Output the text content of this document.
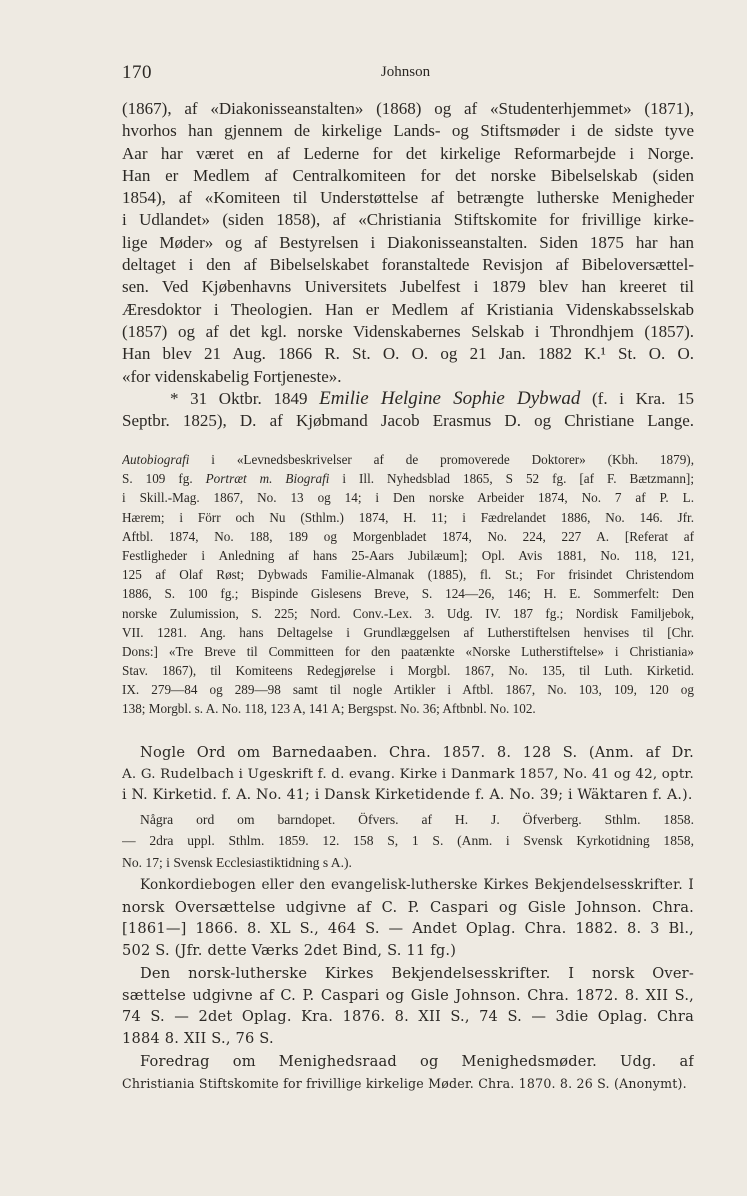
170	Johnson
(1867), af «Diakonisseanstalten» (1868) og af «Studenterhjemmet» (1871),
hvorhos han gjennem de kirkelige Lands- og Stiftsmøder i de sidste tyve
Aar har været en af Lederne for det kirkelige Reformarbejde i Norge.
Han er Medlem af Centralkomiteen for det norske Bibelselskab (siden
1854), af «Komiteen til Understøttelse af betrængte lutherske Menigheder
i Udlandet» (siden 1858), af «Christiania Stiftskomite for frivillige kirke-
lige Møder» og af Bestyrelsen i Diakonisseanstalten. Siden 1875 har han
deltaget i den af Bibelselskabet foranstaltede Revisjon af Bibeloversættel-
sen. Ved Kjøbenhavns Universitets Jubelfest i 1879 blev han kreeret til
Æresdoktor i Theologien. Han er Medlem af Kristiania Videnskabsselskab
(1857) og af det kgl. norske Videnskabernes Selskab i Throndhjem (1857).
Han blev 21 Aug. 1866 R. St. O. O. og 21 Jan. 1882 K.¹ St. O. O.
«for videnskabelig Fortjeneste».
* 31 Oktbr. 1849 Emilie Helgine Sophie Dybwad (f. i Kra. 15
Septbr. 1825), D. af Kjøbmand Jacob Erasmus D. og Christiane Lange.
Autobiografi i «Levnedsbeskrivelser af de promoverede Doktorer» (Kbh. 1879),
S. 109 fg. Portræt m. Biografi i Ill. Nyhedsblad 1865, S 52 fg. [af F. Bætzmann];
i Skill.-Mag. 1867, No. 13 og 14; i Den norske Arbeider 1874, No. 7 af P. L.
Hærem; i Förr och Nu (Sthlm.) 1874, H. 11; i Fædrelandet 1886, No. 146. Jfr.
Aftbl. 1874, No. 188, 189 og Morgenbladet 1874, No. 224, 227 A. [Referat af
Festligheder i Anledning af hans 25-Aars Jubilæum]; Opl. Avis 1881, No. 118, 121,
125 af Olaf Røst; Dybwads Familie-Almanak (1885), fl. St.; For frisindet Christendom
1886, S. 100 fg.; Bispinde Gislesens Breve, S. 124—26, 146; H. E. Sommerfelt: Den
norske Zulumission, S. 225; Nord. Conv.-Lex. 3. Udg. IV. 187 fg.; Nordisk Familjebok,
VII. 1281. Ang. hans Deltagelse i Grundlæggelsen af Lutherstiftelsen henvises til [Chr.
Dons:] «Tre Breve til Committeen for den paatænkte «Norske Lutherstiftelse» i Christiania»
Stav. 1867), til Komiteens Redegjørelse i Morgbl. 1867, No. 135, til Luth. Kirketid.
IX. 279—84 og 289—98 samt til nogle Artikler i Aftbl. 1867, No. 103, 109, 120 og
138; Morgbl. s. A. No. 118, 123 A, 141 A; Bergspst. No. 36; Aftbnbl. No. 102.
Nogle Ord om Barnedaaben. Chra. 1857. 8. 128 S. (Anm. af Dr.
A. G. Rudelbach i Ugeskrift f. d. evang. Kirke i Danmark 1857, No. 41 og 42, optr.
i N. Kirketid. f. A. No. 41; i Dansk Kirketidende f. A. No. 39; i Wäktaren f. A.).
Några ord om barndopet. Öfvers. af H. J. Öfverberg. Sthlm. 1858.
— 2dra uppl. Sthlm. 1859. 12. 158 S, 1 S. (Anm. i Svensk Kyrkotidning 1858,
No. 17; i Svensk Ecclesiastiktidning s A.).
Konkordiebogen eller den evangelisk-lutherske Kirkes Bekjendelsesskrifter. I
norsk Oversættelse udgivne af C. P. Caspari og Gisle Johnson. Chra.
[1861—] 1866. 8. XL S., 464 S. — Andet Oplag. Chra. 1882. 8. 3 Bl.,
502 S. (Jfr. dette Værks 2det Bind, S. 11 fg.)
Den norsk-lutherske Kirkes Bekjendelsesskrifter. I norsk Over-
sættelse udgivne af C. P. Caspari og Gisle Johnson. Chra. 1872. 8. XII S.,
74 S. — 2det Oplag. Kra. 1876. 8. XII S., 74 S. — 3die Oplag. Chra
1884 8. XII S., 76 S.
Foredrag om Menighedsraad og Menighedsmøder. Udg. af
Christiania Stiftskomite for frivillige kirkelige Møder. Chra. 1870. 8. 26 S. (Anonymt).
